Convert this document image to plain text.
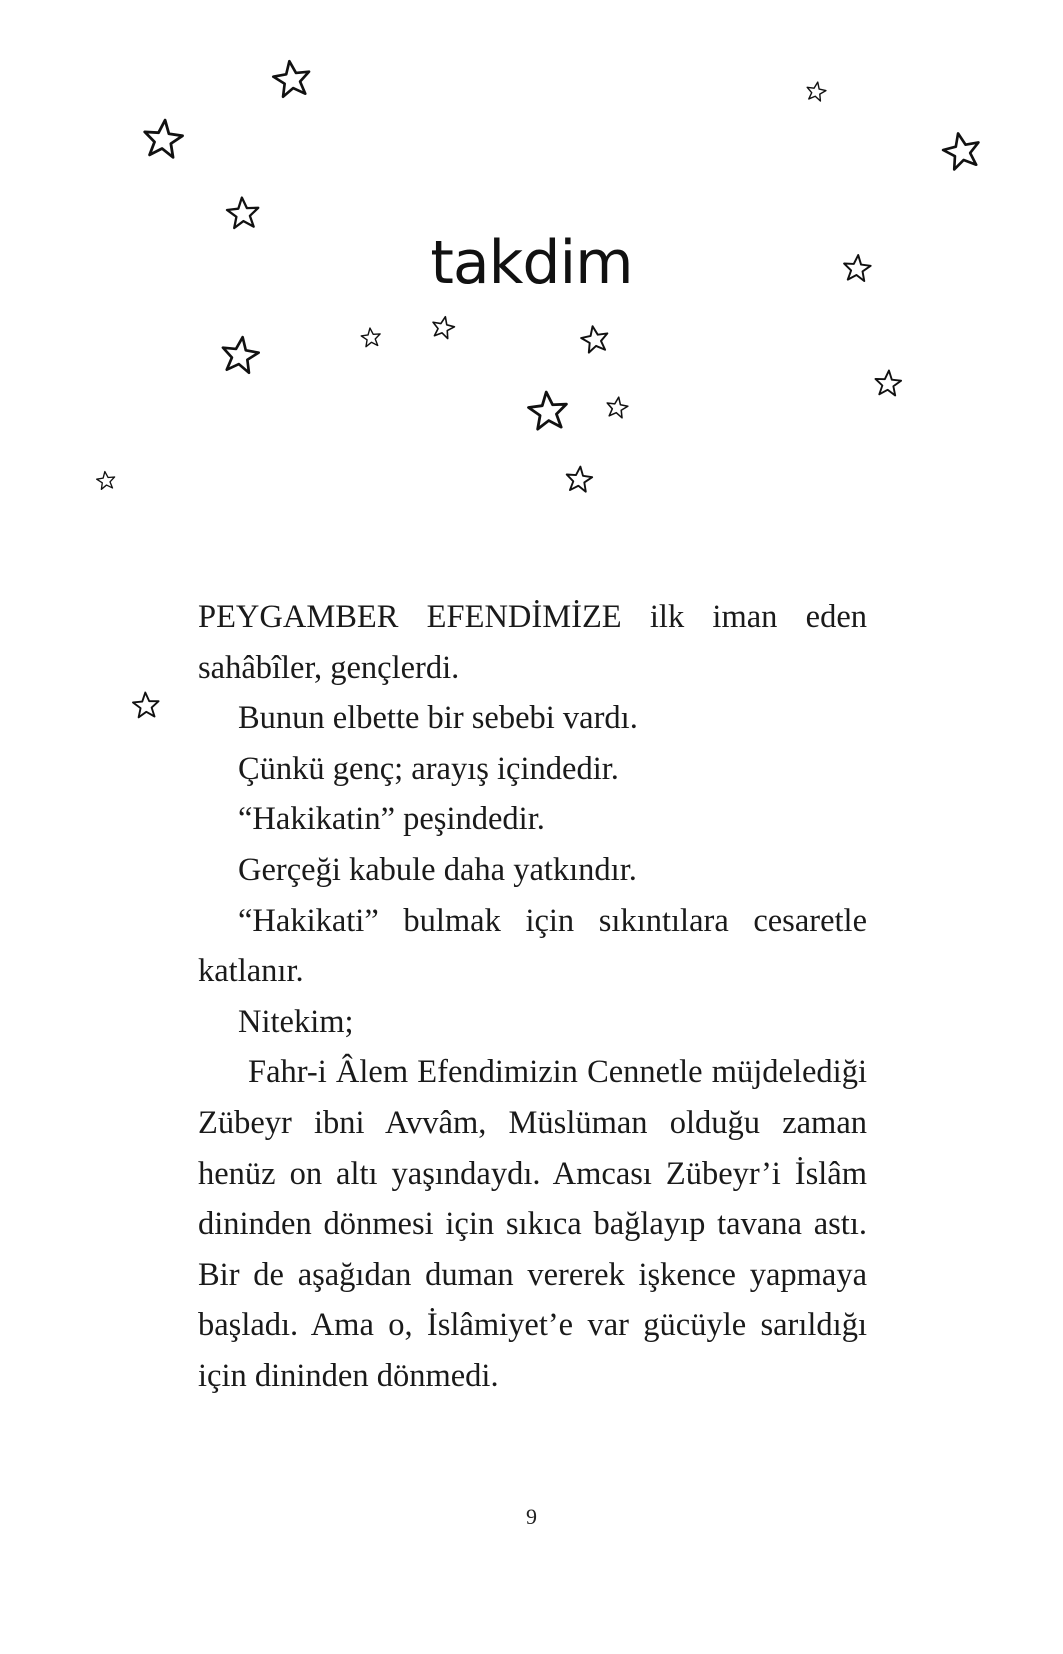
takdim

PEYGAMBER EFENDİMİZE ilk iman eden sahâbîler, gençlerdi.

Bunun elbette bir sebebi vardı.

Çünkü genç; arayış içindedir.

“Hakikatin” peşindedir.

Gerçeği kabule daha yatkındır.

“Hakikati” bulmak için sıkıntılara cesaretle katlanır.

Nitekim;

Fahr-i Âlem Efendimizin Cennetle müjdelediği Zübeyr ibni Avvâm, Müslüman olduğu zaman henüz on altı yaşındaydı. Amcası Zübeyr’i İslâm dininden dönmesi için sıkıca bağlayıp tavana astı. Bir de aşağıdan duman vererek işkence yapmaya başladı. Ama o, İslâmiyet’e var gücüyle sarıldığı için dininden dönmedi.

9
